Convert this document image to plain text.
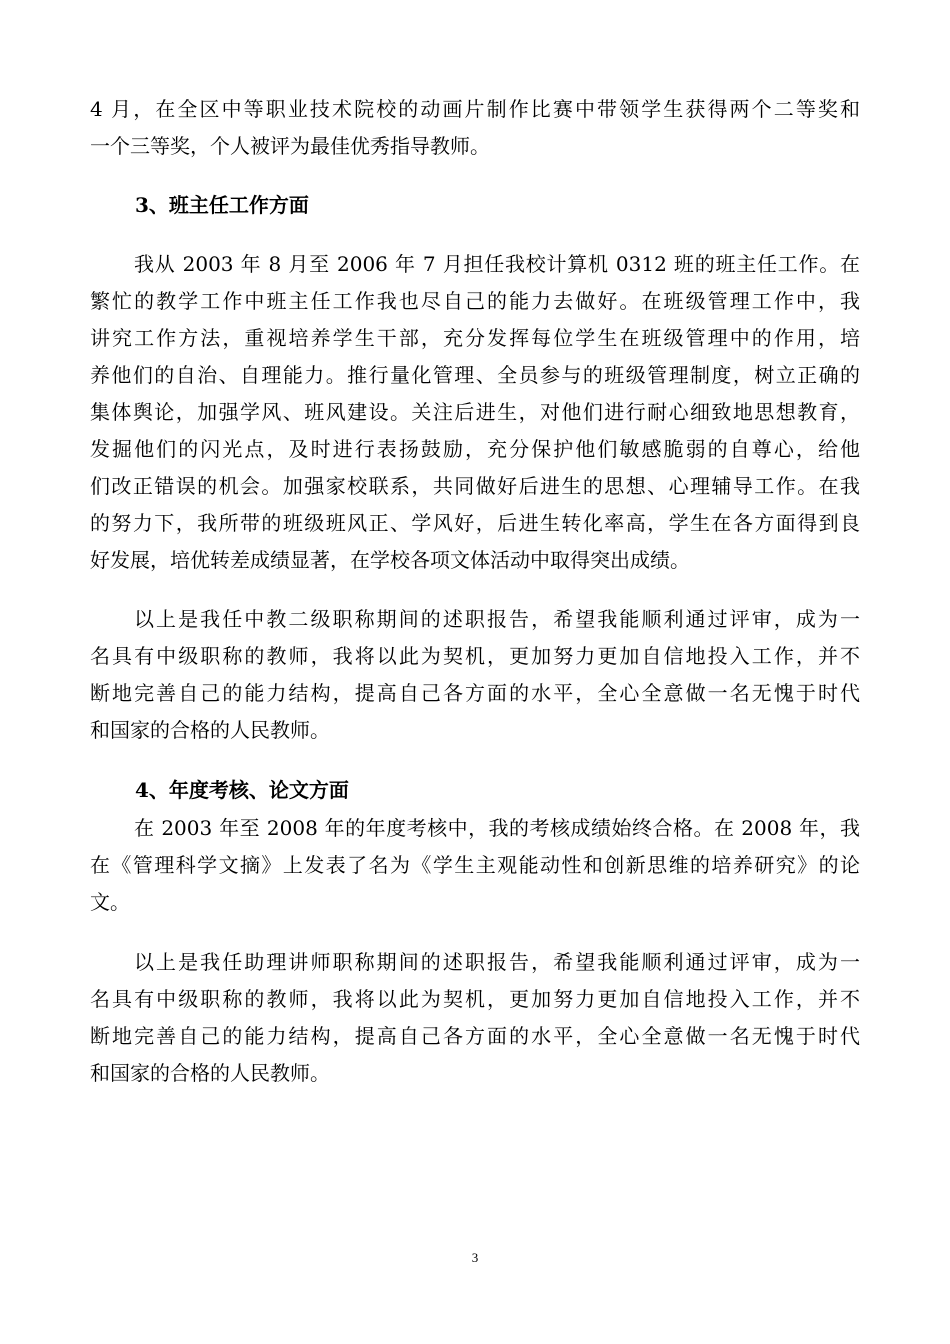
4 月，在全区中等职业技术院校的动画片制作比赛中带领学生获得两个二等奖和
一个三等奖，个人被评为最佳优秀指导教师。
3、班主任工作方面
我从 2003 年 8 月至 2006 年 7 月担任我校计算机 0312 班的班主任工作。在
繁忙的教学工作中班主任工作我也尽自己的能力去做好。在班级管理工作中，我
讲究工作方法，重视培养学生干部，充分发挥每位学生在班级管理中的作用，培
养他们的自治、自理能力。推行量化管理、全员参与的班级管理制度，树立正确的
集体舆论，加强学风、班风建设。关注后进生，对他们进行耐心细致地思想教育，
发掘他们的闪光点，及时进行表扬鼓励，充分保护他们敏感脆弱的自尊心，给他
们改正错误的机会。加强家校联系，共同做好后进生的思想、心理辅导工作。在我
的努力下，我所带的班级班风正、学风好，后进生转化率高，学生在各方面得到良
好发展，培优转差成绩显著，在学校各项文体活动中取得突出成绩。
以上是我任中教二级职称期间的述职报告，希望我能顺利通过评审，成为一
名具有中级职称的教师，我将以此为契机，更加努力更加自信地投入工作，并不
断地完善自己的能力结构，提高自己各方面的水平，全心全意做一名无愧于时代
和国家的合格的人民教师。
4、年度考核、论文方面
在 2003 年至 2008 年的年度考核中，我的考核成绩始终合格。在 2008 年，我
在《管理科学文摘》上发表了名为《学生主观能动性和创新思维的培养研究》的论
文。
以上是我任助理讲师职称期间的述职报告，希望我能顺利通过评审，成为一
名具有中级职称的教师，我将以此为契机，更加努力更加自信地投入工作，并不
断地完善自己的能力结构，提高自己各方面的水平，全心全意做一名无愧于时代
和国家的合格的人民教师。
3
